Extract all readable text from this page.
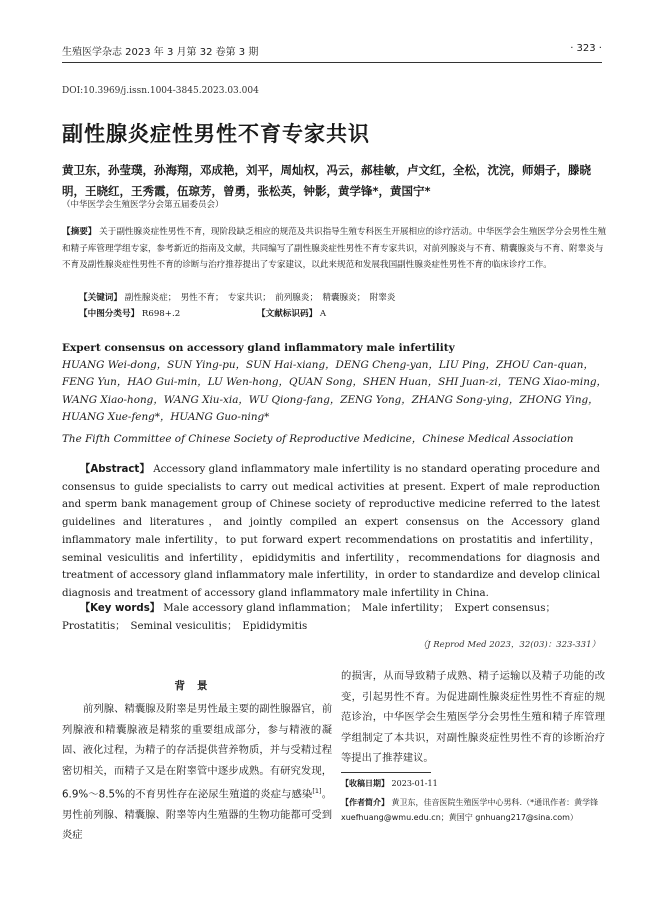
生殖医学杂志 2023 年 3 月第 32 卷第 3 期	· 323 ·
DOI:10.3969/j.issn.1004-3845.2023.03.004
副性腺炎症性男性不育专家共识
黄卫东，孙莹璞，孙海翔，邓成艳，刘平，周灿权，冯云，郝桂敏，卢文红，全松，沈浣，师娟子，滕晓明，王晓红，王秀霞，伍琼芳，曾勇，张松英，钟影，黄学锋*，黄国宁*
（中华医学会生殖医学分会第五届委员会）
【摘要】 关于副性腺炎症性男性不育，现阶段缺乏相应的规范及共识指导生殖专科医生开展相应的诊疗活动。中华医学会生殖医学分会男性生殖和精子库管理学组专家，参考新近的指南及文献，共同编写了副性腺炎症性男性不育专家共识，对前列腺炎与不育、精囊腺炎与不育、附睾炎与不育及副性腺炎症性男性不育的诊断与治疗推荐提出了专家建议，以此来规范和发展我国副性腺炎症性男性不育的临床诊疗工作。
【关键词】 副性腺炎症；　男性不育；　专家共识；　前列腺炎；　精囊腺炎；　附睾炎
【中图分类号】 R698+.2	【文献标识码】 A
Expert consensus on accessory gland inflammatory male infertility
HUANG Wei-dong，SUN Ying-pu，SUN Hai-xiang，DENG Cheng-yan，LIU Ping，ZHOU Can-quan，FENG Yun，HAO Gui-min，LU Wen-hong，QUAN Song，SHEN Huan，SHI Juan-zi，TENG Xiao-ming，WANG Xiao-hong，WANG Xiu-xia，WU Qiong-fang，ZENG Yong，ZHANG Song-ying，ZHONG Ying，HUANG Xue-feng*，HUANG Guo-ning*
The Fifth Committee of Chinese Society of Reproductive Medicine，Chinese Medical Association
【Abstract】 Accessory gland inflammatory male infertility is no standard operating procedure and consensus to guide specialists to carry out medical activities at present. Expert of male reproduction and sperm bank management group of Chinese society of reproductive medicine referred to the latest guidelines and literatures，and jointly compiled an expert consensus on the Accessory gland inflammatory male infertility，to put forward expert recommendations on prostatitis and infertility，seminal vesiculitis and infertility，epididymitis and infertility，recommendations for diagnosis and treatment of accessory gland inflammatory male infertility，in order to standardize and develop clinical diagnosis and treatment of accessory gland inflammatory male infertility in China.
【Key words】 Male accessory gland inflammation；　Male infertility；　Expert consensus；　Prostatitis；　Seminal vesiculitis；　Epididymitis
（J Reprod Med 2023，32(03)：323-331）
背景
前列腺、精囊腺及附睾是男性最主要的副性腺器官，前列腺液和精囊腺液是精浆的重要组成部分，参与精液的凝固、液化过程，为精子的存活提供营养物质，并与受精过程密切相关，而精子又是在附睾管中逐步成熟。有研究发现，6.9%～8.5%的不育男性存在泌尿生殖道的炎症与感染[1]。男性前列腺、精囊腺、附睾等内生殖器的生物功能都可受到炎症
的损害，从而导致精子成熟、精子运输以及精子功能的改变，引起男性不育。为促进副性腺炎症性男性不育症的规范诊治，中华医学会生殖医学分会男性生殖和精子库管理学组制定了本共识，对副性腺炎症性男性不育的诊断治疗等提出了推荐建议。
【收稿日期】 2023-01-11
【作者简介】 黄卫东，佳音医院生殖医学中心男科.（*通讯作者：黄学锋 xuefhuang@wmu.edu.cn；黄国宁 gnhuang217@sina.com）
